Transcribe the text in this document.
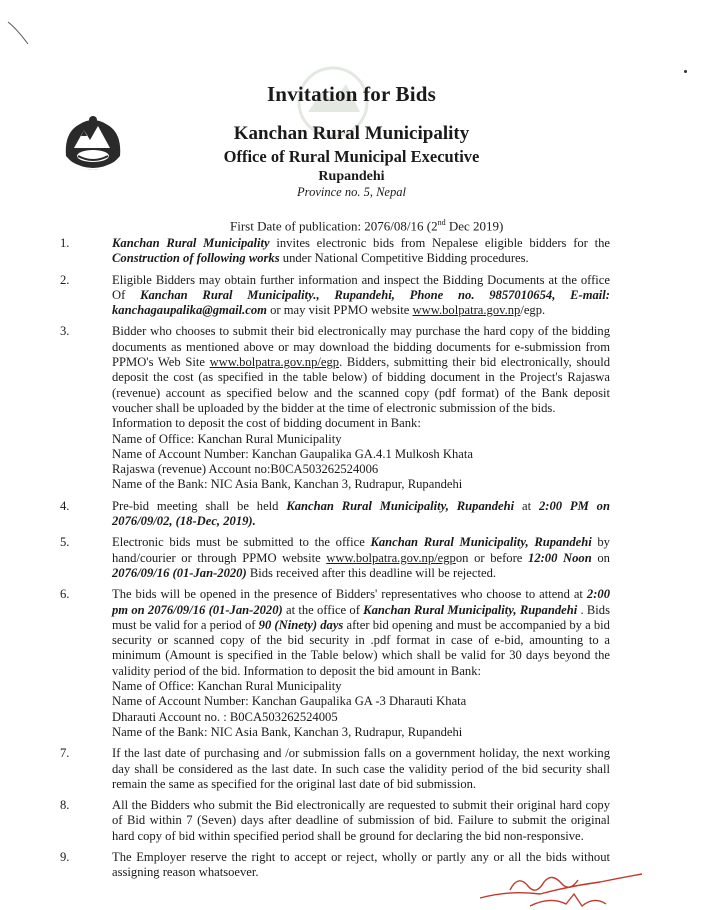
Invitation for Bids
Kanchan Rural Municipality
Office of Rural Municipal Executive
Rupandehi
Province no. 5, Nepal
First Date of publication: 2076/08/16 (2nd Dec 2019)
1.	Kanchan Rural Municipality invites electronic bids from Nepalese eligible bidders for the Construction of following works under National Competitive Bidding procedures.
2.	Eligible Bidders may obtain further information and inspect the Bidding Documents at the office Of Kanchan Rural Municipality., Rupandehi, Phone no. 9857010654, E-mail: kanchagaupalika@gmail.com or may visit PPMO website www.bolpatra.gov.np/egp.
3.	Bidder who chooses to submit their bid electronically may purchase the hard copy of the bidding documents as mentioned above or may download the bidding documents for e-submission from PPMO's Web Site www.bolpatra.gov.np/egp. Bidders, submitting their bid electronically, should deposit the cost (as specified in the table below) of bidding document in the Project's Rajaswa (revenue) account as specified below and the scanned copy (pdf format) of the Bank deposit voucher shall be uploaded by the bidder at the time of electronic submission of the bids.
Information to deposit the cost of bidding document in Bank:
Name of Office: Kanchan Rural Municipality
Name of Account Number: Kanchan Gaupalika GA.4.1 Mulkosh Khata
Rajaswa (revenue) Account no:B0CA503262524006
Name of the Bank: NIC Asia Bank, Kanchan 3, Rudrapur, Rupandehi
4.	Pre-bid meeting shall be held Kanchan Rural Municipality, Rupandehi at 2:00 PM on 2076/09/02, (18-Dec, 2019).
5.	Electronic bids must be submitted to the office Kanchan Rural Municipality, Rupandehi by hand/courier or through PPMO website www.bolpatra.gov.np/egpon or before 12:00 Noon on 2076/09/16 (01-Jan-2020) Bids received after this deadline will be rejected.
6.	The bids will be opened in the presence of Bidders' representatives who choose to attend at 2:00 pm on 2076/09/16 (01-Jan-2020) at the office of Kanchan Rural Municipality, Rupandehi . Bids must be valid for a period of 90 (Ninety) days after bid opening and must be accompanied by a bid security or scanned copy of the bid security in .pdf format in case of e-bid, amounting to a minimum (Amount is specified in the Table below) which shall be valid for 30 days beyond the validity period of the bid. Information to deposit the bid amount in Bank:
Name of Office: Kanchan Rural Municipality
Name of Account Number: Kanchan Gaupalika GA -3 Dharauti Khata
Dharauti Account no. : B0CA503262524005
Name of the Bank: NIC Asia Bank, Kanchan 3, Rudrapur, Rupandehi
7.	If the last date of purchasing and /or submission falls on a government holiday, the next working day shall be considered as the last date. In such case the validity period of the bid security shall remain the same as specified for the original last date of bid submission.
8.	All the Bidders who submit the Bid electronically are requested to submit their original hard copy of Bid within 7 (Seven) days after deadline of submission of bid. Failure to submit the original hard copy of bid within specified period shall be ground for declaring the bid non-responsive.
9.	The Employer reserve the right to accept or reject, wholly or partly any or all the bids without assigning reason whatsoever.
